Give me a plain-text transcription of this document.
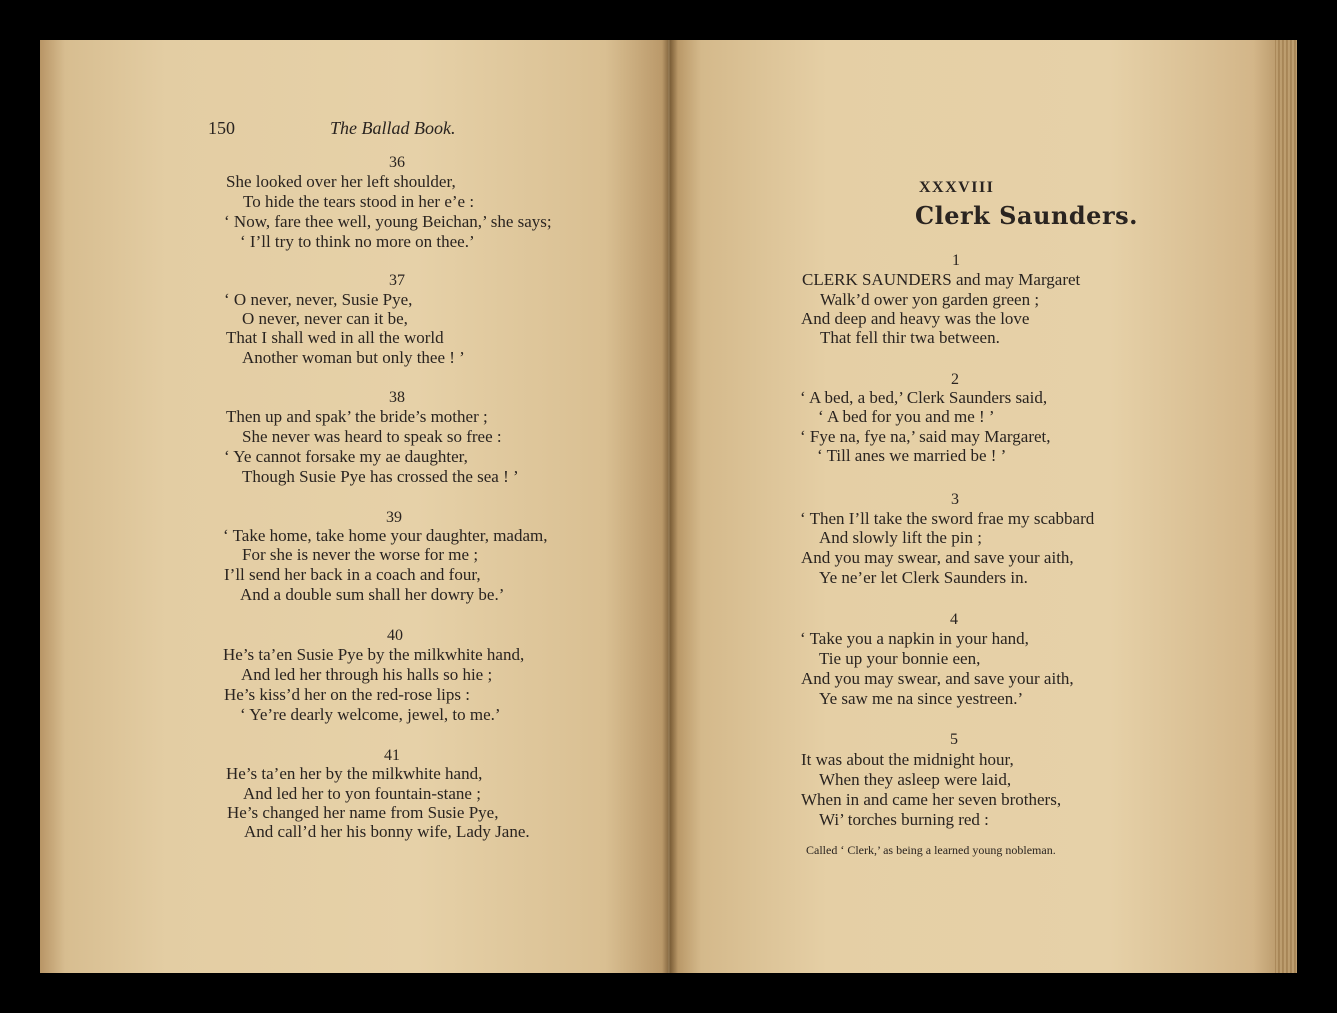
150	The Ballad Book.
36
She looked over her left shoulder,
To hide the tears stood in her e’e :
‘ Now, fare thee well, young Beichan,’ she says;
‘ I’ll try to think no more on thee.’
37
‘ O never, never, Susie Pye,
O never, never can it be,
That I shall wed in all the world
Another woman but only thee ! ’
38
Then up and spak’ the bride’s mother ;
She never was heard to speak so free :
‘ Ye cannot forsake my ae daughter,
Though Susie Pye has crossed the sea ! ’
39
‘ Take home, take home your daughter, madam,
For she is never the worse for me ;
I’ll send her back in a coach and four,
And a double sum shall her dowry be.’
40
He’s ta’en Susie Pye by the milkwhite hand,
And led her through his halls so hie ;
He’s kiss’d her on the red-rose lips :
‘ Ye’re dearly welcome, jewel, to me.’
41
He’s ta’en her by the milkwhite hand,
And led her to yon fountain-stane ;
He’s changed her name from Susie Pye,
And call’d her his bonny wife, Lady Jane.
XXXVIII
Clerk Saunders.
1
CLERK SAUNDERS and may Margaret
Walk’d ower yon garden green ;
And deep and heavy was the love
That fell thir twa between.
2
‘ A bed, a bed,’ Clerk Saunders said,
‘ A bed for you and me ! ’
‘ Fye na, fye na,’ said may Margaret,
‘ Till anes we married be ! ’
3
‘ Then I’ll take the sword frae my scabbard
And slowly lift the pin ;
And you may swear, and save your aith,
Ye ne’er let Clerk Saunders in.
4
‘ Take you a napkin in your hand,
Tie up your bonnie een,
And you may swear, and save your aith,
Ye saw me na since yestreen.’
5
It was about the midnight hour,
When they asleep were laid,
When in and came her seven brothers,
Wi’ torches burning red :
Called ‘ Clerk,’ as being a learned young nobleman.
